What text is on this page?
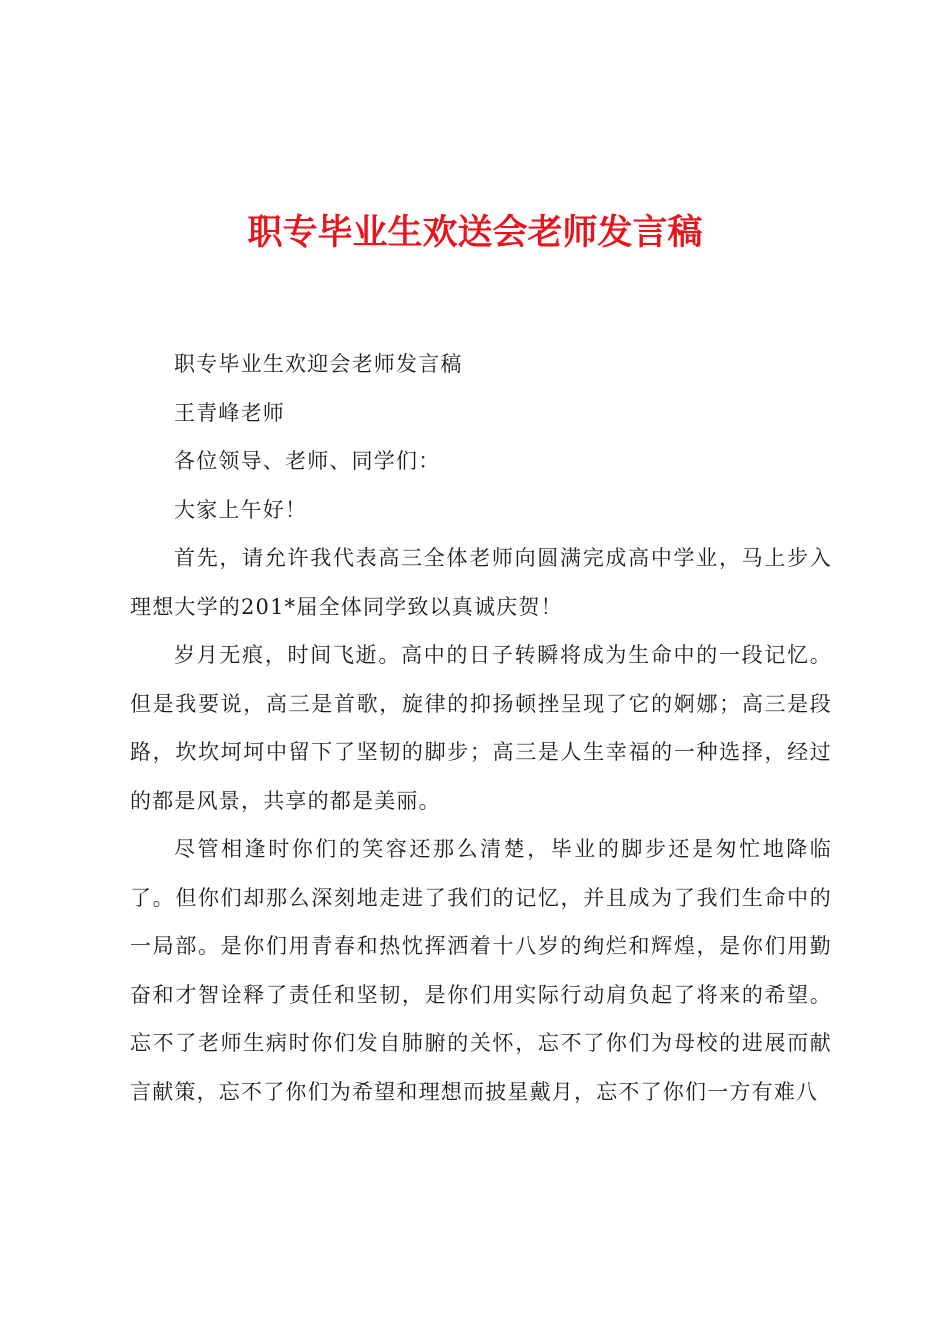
职专毕业生欢送会老师发言稿

职专毕业生欢迎会老师发言稿

王青峰老师

各位领导、老师、同学们：

大家上午好！

首先，请允许我代表高三全体老师向圆满完成高中学业，马上步入理想大学的201*届全体同学致以真诚庆贺！

岁月无痕，时间飞逝。高中的日子转瞬将成为生命中的一段记忆。但是我要说，高三是首歌，旋律的抑扬顿挫呈现了它的婀娜；高三是段路，坎坎坷坷中留下了坚韧的脚步；高三是人生幸福的一种选择，经过的都是风景，共享的都是美丽。

尽管相逢时你们的笑容还那么清楚，毕业的脚步还是匆忙地降临了。但你们却那么深刻地走进了我们的记忆，并且成为了我们生命中的一局部。是你们用青春和热忱挥洒着十八岁的绚烂和辉煌，是你们用勤奋和才智诠释了责任和坚韧，是你们用实际行动肩负起了将来的希望。忘不了老师生病时你们发自肺腑的关怀，忘不了你们为母校的进展而献言献策，忘不了你们为希望和理想而披星戴月，忘不了你们一方有难八
